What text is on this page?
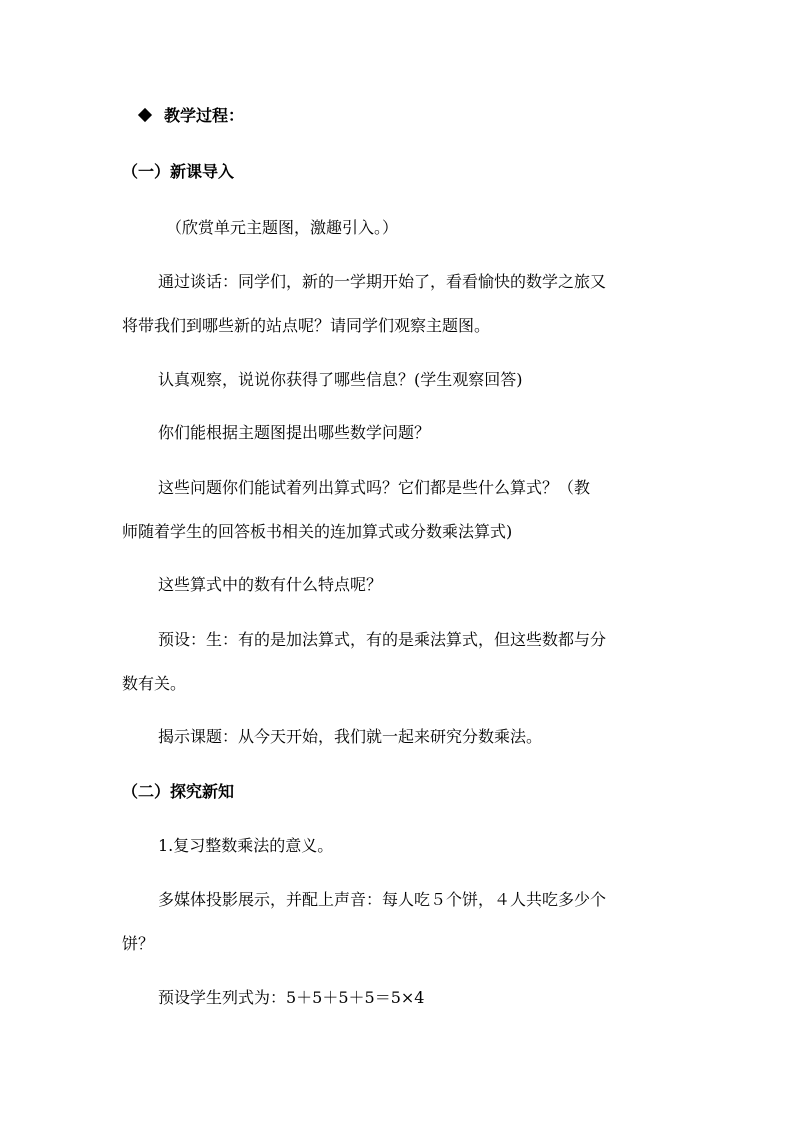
教学过程：
（一）新课导入
（欣赏单元主题图，激趣引入。）
通过谈话：同学们，新的一学期开始了，看看愉快的数学之旅又
将带我们到哪些新的站点呢？请同学们观察主题图。
认真观察，说说你获得了哪些信息？(学生观察回答)
你们能根据主题图提出哪些数学问题？
这些问题你们能试着列出算式吗？它们都是些什么算式？（教
师随着学生的回答板书相关的连加算式或分数乘法算式)
这些算式中的数有什么特点呢？
预设：生：有的是加法算式，有的是乘法算式，但这些数都与分
数有关。
揭示课题：从今天开始，我们就一起来研究分数乘法。
（二）探究新知
1.复习整数乘法的意义。
多媒体投影展示，并配上声音：每人吃５个饼，４人共吃多少个
饼？
预设学生列式为：5＋5＋5＋5＝5×4
